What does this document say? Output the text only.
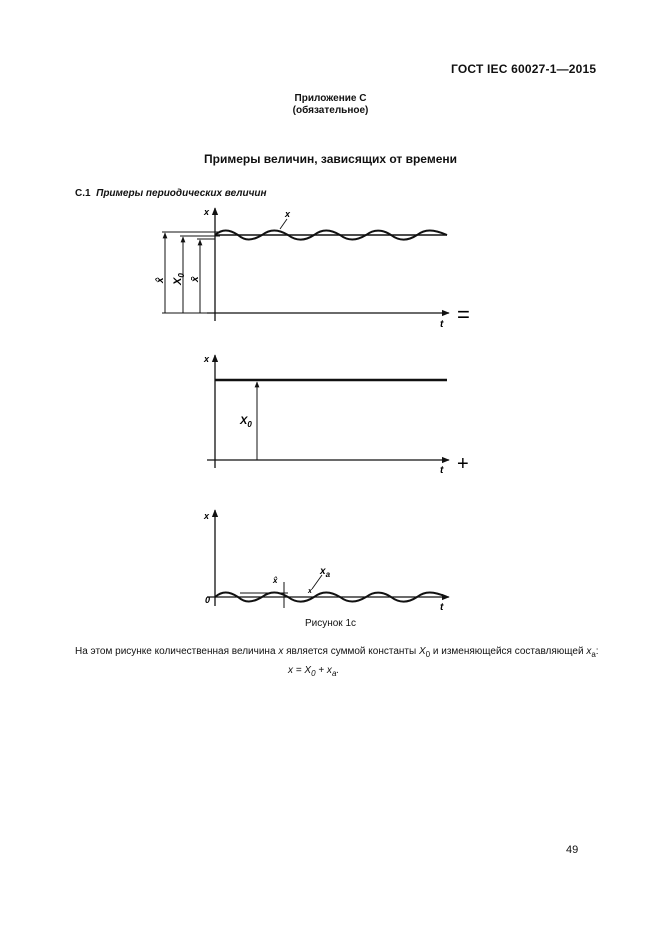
ГОСТ IEC 60027-1—2015
Приложение С
(обязательное)
Примеры величин, зависящих от времени
С.1 Примеры периодических величин
x
t
x
x̂ $X_0$
x̄
=
x
t
$X_0$
+
x
t
0
x̂
x
$x_a$
Рисунок 1с
На этом рисунке количественная величина x является суммой константы $X_0$ и изменяющейся составляющей $x_a$:
$x = X_0 + x_a$.
49
